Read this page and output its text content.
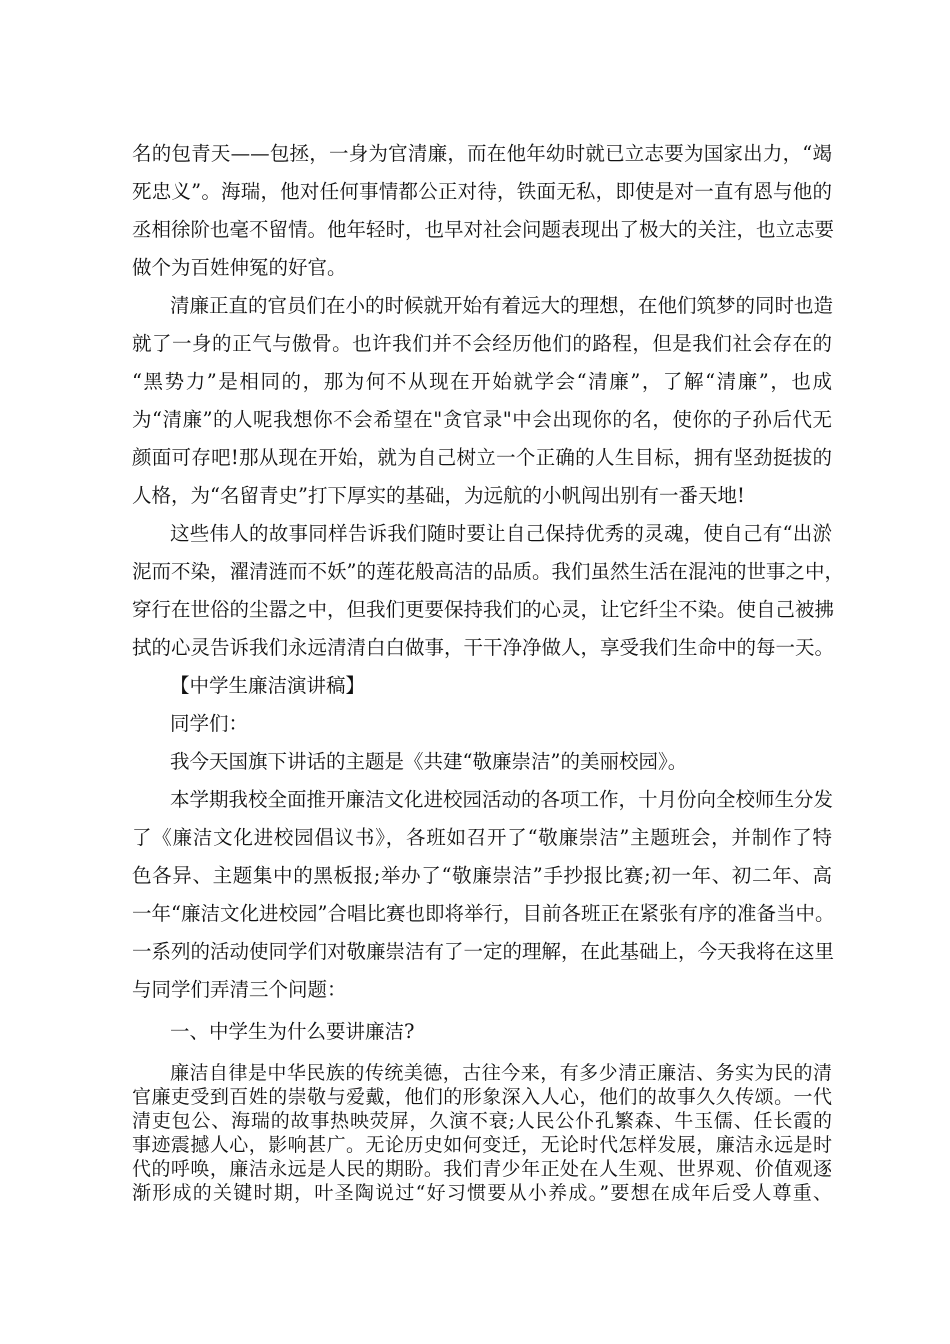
名的包青天——包拯，一身为官清廉，而在他年幼时就已立志要为国家出力，“竭
死忠义”。海瑞，他对任何事情都公正对待，铁面无私，即使是对一直有恩与他的
丞相徐阶也毫不留情。他年轻时，也早对社会问题表现出了极大的关注，也立志要
做个为百姓伸冤的好官。
清廉正直的官员们在小的时候就开始有着远大的理想，在他们筑梦的同时也造
就了一身的正气与傲骨。也许我们并不会经历他们的路程，但是我们社会存在的
“黑势力”是相同的，那为何不从现在开始就学会“清廉”，了解“清廉”，也成
为“清廉”的人呢我想你不会希望在"贪官录"中会出现你的名，使你的子孙后代无
颜面可存吧!那从现在开始，就为自己树立一个正确的人生目标，拥有坚劲挺拔的
人格，为“名留青史”打下厚实的基础，为远航的小帆闯出别有一番天地!
这些伟人的故事同样告诉我们随时要让自己保持优秀的灵魂，使自己有“出淤
泥而不染，濯清涟而不妖”的莲花般高洁的品质。我们虽然生活在混沌的世事之中，
穿行在世俗的尘嚣之中，但我们更要保持我们的心灵，让它纤尘不染。使自己被拂
拭的心灵告诉我们永远清清白白做事，干干净净做人，享受我们生命中的每一天。
【中学生廉洁演讲稿】
同学们：
我今天国旗下讲话的主题是《共建“敬廉崇洁”的美丽校园》。
本学期我校全面推开廉洁文化进校园活动的各项工作，十月份向全校师生分发
了《廉洁文化进校园倡议书》，各班如召开了“敬廉崇洁”主题班会，并制作了特
色各异、主题集中的黑板报;举办了“敬廉崇洁”手抄报比赛;初一年、初二年、高
一年“廉洁文化进校园”合唱比赛也即将举行，目前各班正在紧张有序的准备当中。
一系列的活动使同学们对敬廉崇洁有了一定的理解，在此基础上，今天我将在这里
与同学们弄清三个问题：
一、中学生为什么要讲廉洁?
廉洁自律是中华民族的传统美德，古往今来，有多少清正廉洁、务实为民的清
官廉吏受到百姓的崇敬与爱戴，他们的形象深入人心，他们的故事久久传颂。一代
清吏包公、海瑞的故事热映荧屏，久演不衰;人民公仆孔繁森、牛玉儒、任长霞的
事迹震撼人心，影响甚广。无论历史如何变迁，无论时代怎样发展，廉洁永远是时
代的呼唤，廉洁永远是人民的期盼。我们青少年正处在人生观、世界观、价值观逐
渐形成的关键时期，叶圣陶说过“好习惯要从小养成。”要想在成年后受人尊重、
